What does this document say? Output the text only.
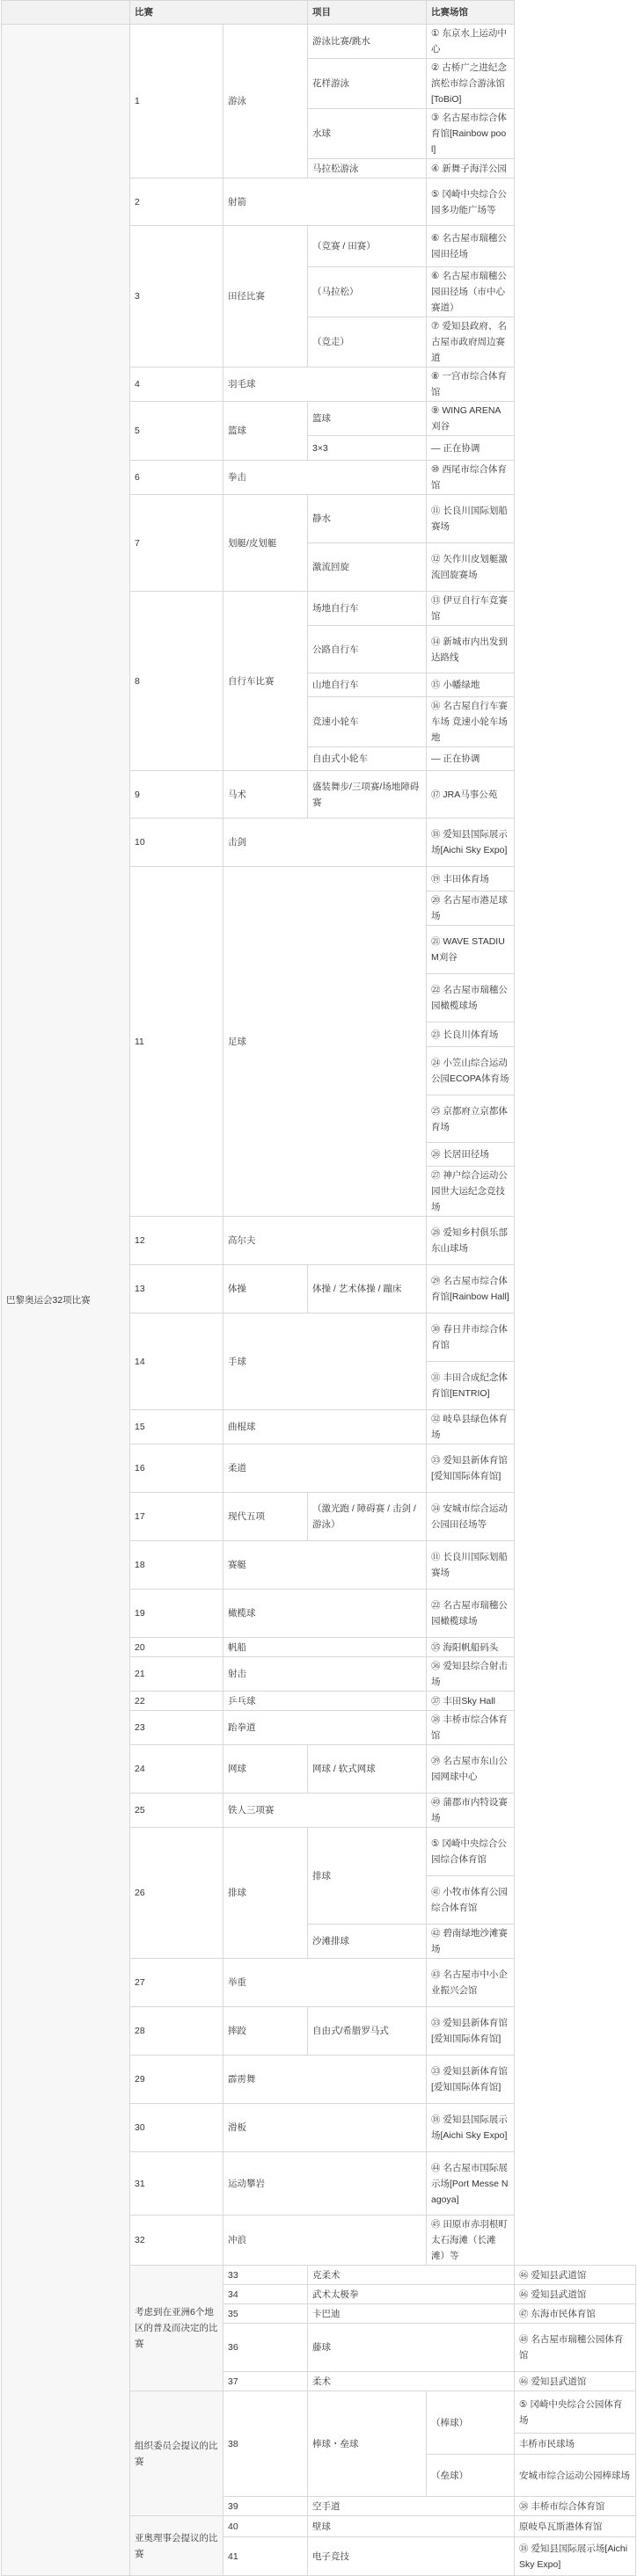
	比赛		项目	比赛场馆	
巴黎奥运会32项比赛	1	游泳	游泳比赛/跳水	① 东京水上运动中心	
			花样游泳	② 古桥广之进纪念滨松市综合游泳馆[ToBiO]	
			水球	③ 名古屋市综合体育馆[Rainbow pool]	
			马拉松游泳	④ 新舞子海洋公园	
	2	射箭		⑤ 冈崎中央综合公园多功能广场等	
	3	田径比赛	（竞赛 / 田赛）	⑥ 名古屋市瑞穗公园田径场	
			（马拉松）	⑥ 名古屋市瑞穗公园田径场（市中心赛道）	
			（竞走）	⑦ 爱知县政府、名古屋市政府周边赛道	
	4	羽毛球		⑧ 一宫市综合体育馆	
	5	篮球	篮球	⑨ WING ARENA刈谷	
			3×3	— 正在协调	
	6	拳击		⑩ 西尾市综合体育馆	
	7	划艇/皮划艇	静水	⑪ 长良川国际划船赛场	
			激流回旋	⑫ 矢作川皮划艇激流回旋赛场	
	8	自行车比赛	场地自行车	⑬ 伊豆自行车竞赛馆	
			公路自行车	⑭ 新城市内出发到达路线	
			山地自行车	⑮ 小幡绿地	
			竞速小轮车	⑯ 名古屋自行车赛车场 竞速小轮车场地	
			自由式小轮车	— 正在协调	
	9	马术	盛装舞步/三项赛/场地障碍赛	⑰ JRA马事公苑	
	10	击剑		⑱ 爱知县国际展示场[Aichi Sky Expo]	
	11	足球		⑲ 丰田体育场	
				⑳ 名古屋市港足球场	
				㉑ WAVE STADIUM刈谷	
				㉒ 名古屋市瑞穗公园橄榄球场	
				㉓ 长良川体育场	
				㉔ 小笠山综合运动公园ECOPA体育场	
				㉕ 京都府立京都体育场	
				㉖ 长居田径场	
				㉗ 神户综合运动公园世大运纪念竞技场	
	12	高尔夫		㉘ 爱知乡村俱乐部东山球场	
	13	体操	体操 / 艺术体操 / 蹦床	㉙ 名古屋市综合体育馆[Rainbow Hall]	
	14	手球		㉚ 春日井市综合体育馆	
				㉛ 丰田合成纪念体育馆[ENTRIO]	
	15	曲棍球		㉜ 岐阜县绿色体育场	
	16	柔道		㉝ 爱知县新体育馆[爱知国际体育馆]	
	17	现代五项	（激光跑 / 障碍赛 / 击剑 / 游泳）	㉞ 安城市综合运动公园田径场等	
	18	赛艇		⑪ 长良川国际划船赛场	
	19	橄榄球		㉒ 名古屋市瑞穗公园橄榄球场	
	20	帆船		㉟ 海阳帆船码头	
	21	射击		㊱ 爱知县综合射击场	
	22	乒乓球		㊲ 丰田Sky Hall	
	23	跆拳道		㊳ 丰桥市综合体育馆	
	24	网球	网球 / 软式网球	㊴ 名古屋市东山公园网球中心	
	25	铁人三项赛		㊵ 蒲郡市内特设赛场	
	26	排球	排球	⑤ 冈崎中央综合公园综合体育馆	
				㊶ 小牧市体育公园综合体育馆	
			沙滩排球	㊷ 碧南绿地沙滩赛场	
	27	举重		㊸ 名古屋市中小企业振兴会馆	
	28	摔跤	自由式/希腊罗马式	㉝ 爱知县新体育馆[爱知国际体育馆]	
	29	霹雳舞		㉝ 爱知县新体育馆[爱知国际体育馆]	
	30	滑板		⑱ 爱知县国际展示场[Aichi Sky Expo]	
	31	运动攀岩		㊹ 名古屋市国际展示场[Port Messe Nagoya]	
	32	冲浪		㊺ 田原市赤羽根町太石海滩（长滩滩）等	
	考虑到在亚洲6个地区的普及而决定的比赛	33	克柔术		㊻ 爱知县武道馆
		34	武术太极拳		㊻ 爱知县武道馆
		35	卡巴迪		㊼ 东海市民体育馆
		36	藤球		㊽ 名古屋市瑞穗公园体育馆
		37	柔术		㊻ 爱知县武道馆
	组织委员会提议的比赛	38	棒球・垒球	（棒球）	⑤ 冈崎中央综合公园体育场
					丰桥市民球场
				（垒球）	安城市综合运动公园棒球场
		39	空手道		㊳ 丰桥市综合体育馆
	亚奥理事会提议的比赛	40	壁球		原岐阜瓦斯港体育馆
		41	电子竞技		⑱ 爱知县国际展示场[Aichi Sky Expo]
